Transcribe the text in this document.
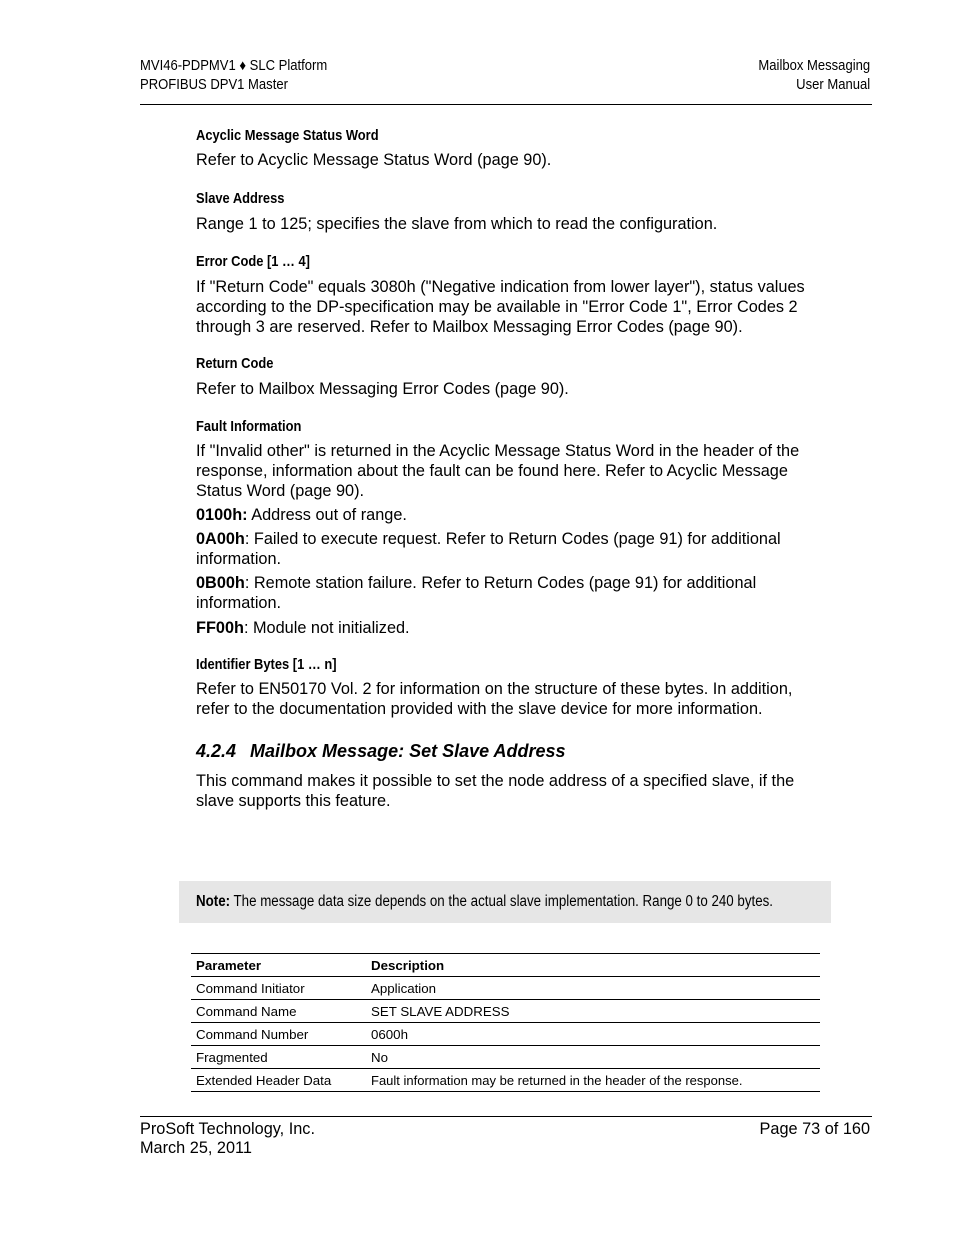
MVI46-PDPMV1 ♦ SLC Platform
PROFIBUS DPV1 Master
Mailbox Messaging
User Manual
Acyclic Message Status Word

Refer to Acyclic Message Status Word (page 90).

Slave Address

Range 1 to 125; specifies the slave from which to read the configuration.

Error Code [1 … 4]

If "Return Code" equals 3080h ("Negative indication from lower layer"), status values according to the DP-specification may be available in "Error Code 1", Error Codes 2 through 3 are reserved. Refer to Mailbox Messaging Error Codes (page 90).

Return Code

Refer to Mailbox Messaging Error Codes (page 90).

Fault Information

If "Invalid other" is returned in the Acyclic Message Status Word in the header of the response, information about the fault can be found here. Refer to Acyclic Message Status Word (page 90).

0100h: Address out of range.

0A00h: Failed to execute request. Refer to Return Codes (page 91) for additional information.

0B00h: Remote station failure. Refer to Return Codes (page 91) for additional information.

FF00h: Module not initialized.

Identifier Bytes [1 … n]

Refer to EN50170 Vol. 2 for information on the structure of these bytes. In addition, refer to the documentation provided with the slave device for more information.

4.2.4 Mailbox Message: Set Slave Address

This command makes it possible to set the node address of a specified slave, if the slave supports this feature.

Note: The message data size depends on the actual slave implementation. Range 0 to 240 bytes.
Parameter	Description
Command Initiator	Application
Command Name	SET SLAVE ADDRESS
Command Number	0600h
Fragmented	No
Extended Header Data	Fault information may be returned in the header of the response.
ProSoft Technology, Inc.
March 25, 2011
Page 73 of 160
